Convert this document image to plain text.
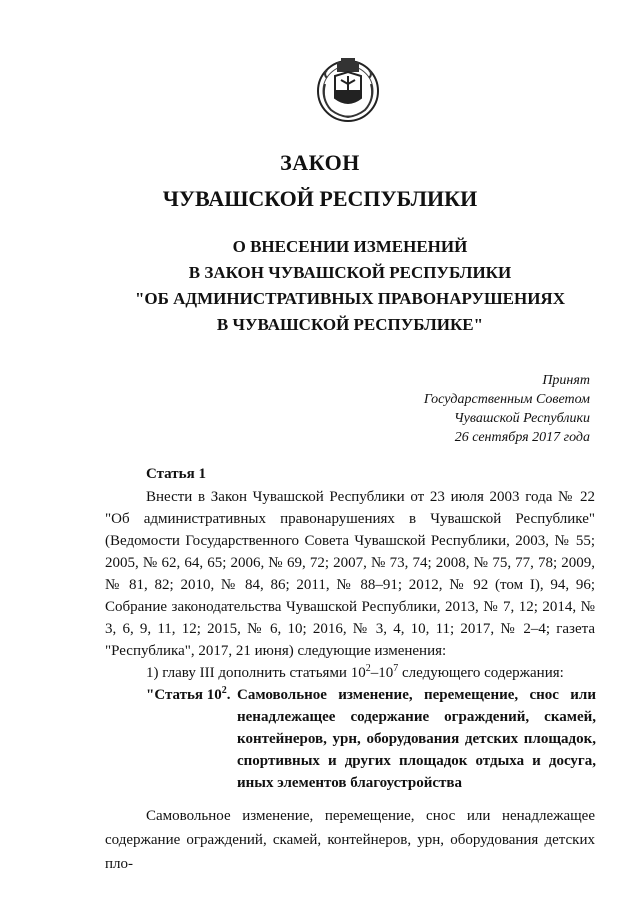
ЗАКОН
ЧУВАШСКОЙ РЕСПУБЛИКИ
О ВНЕСЕНИИ ИЗМЕНЕНИЙ
В ЗАКОН ЧУВАШСКОЙ РЕСПУБЛИКИ
"ОБ АДМИНИСТРАТИВНЫХ ПРАВОНАРУШЕНИЯХ
В ЧУВАШСКОЙ РЕСПУБЛИКЕ"
Принят
Государственным Советом
Чувашской Республики
26 сентября 2017 года
Статья 1

Внести в Закон Чувашской Республики от 23 июля 2003 года № 22 "Об административных правонарушениях в Чувашской Республике" (Ведомости Государственного Совета Чувашской Республики, 2003, № 55; 2005, № 62, 64, 65; 2006, № 69, 72; 2007, № 73, 74; 2008, № 75, 77, 78; 2009, № 81, 82; 2010, № 84, 86; 2011, № 88–91; 2012, № 92 (том I), 94, 96; Собрание законодательства Чувашской Республики, 2013, № 7, 12; 2014, № 3, 6, 9, 11, 12; 2015, № 6, 10; 2016, № 3, 4, 10, 11; 2017, № 2–4; газета "Республика", 2017, 21 июня) следующие изменения:

1) главу III дополнить статьями $10^2-10^7$ следующего содержания:
"Статья $10^2$. Самовольное изменение, перемещение, снос или ненадлежащее содержание ограждений, скамей, контейнеров, урн, оборудования детских площадок, спортивных и других площадок отдыха и досуга, иных элементов благоустройства

Самовольное изменение, перемещение, снос или ненадлежащее содержание ограждений, скамей, контейнеров, урн, оборудования детских пло-
